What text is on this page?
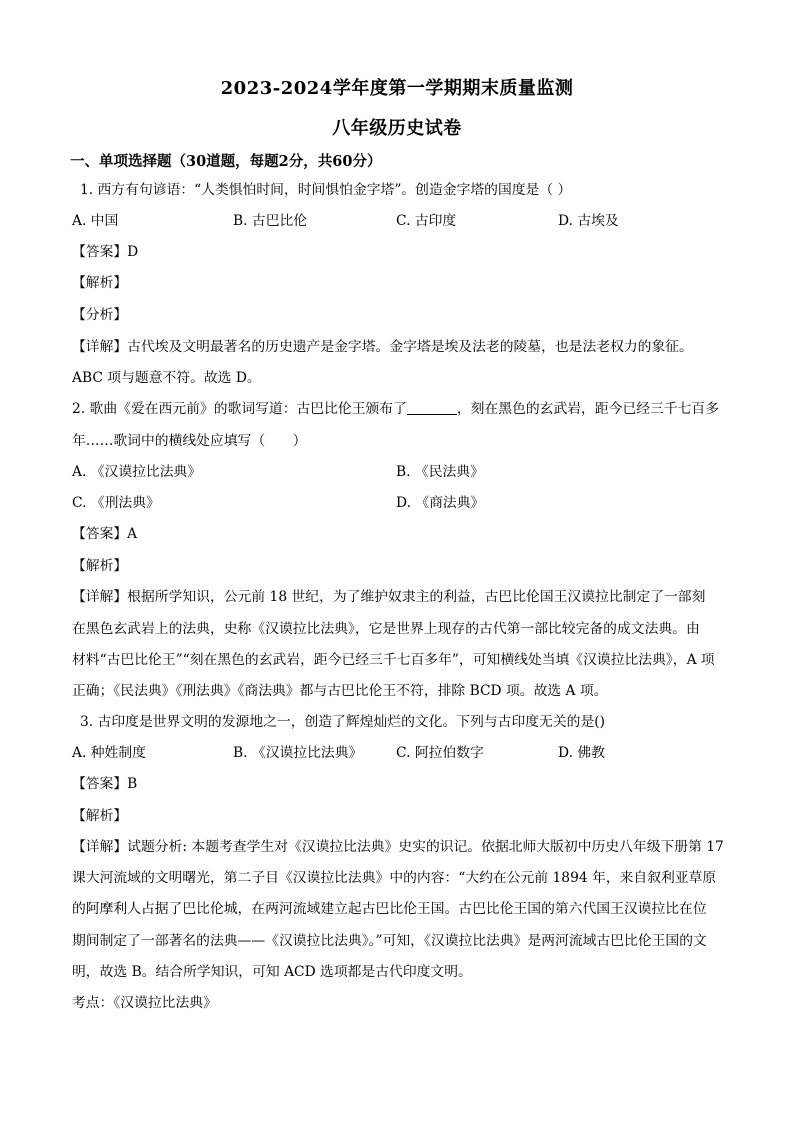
2023-2024学年度第一学期期末质量监测
八年级历史试卷
一、单项选择题（30道题，每题2分，共60分）
1. 西方有句谚语：“人类惧怕时间，时间惧怕金字塔”。创造金字塔的国度是（ ）
A. 中国	B. 古巴比伦	C. 古印度	D. 古埃及
【答案】D
【解析】
【分析】
【详解】古代埃及文明最著名的历史遗产是金字塔。金字塔是埃及法老的陵墓，也是法老权力的象征。
ABC 项与题意不符。故选 D。
2. 歌曲《爱在西元前》的歌词写道：古巴比伦王颁布了	，刻在黑色的玄武岩，距今已经三千七百多
年……歌词中的横线处应填写（　　）
A. 《汉谟拉比法典》	B. 《民法典》
C. 《刑法典》	D. 《商法典》
【答案】A
【解析】
【详解】根据所学知识，公元前 18 世纪，为了维护奴隶主的利益，古巴比伦国王汉谟拉比制定了一部刻
在黑色玄武岩上的法典，史称《汉谟拉比法典》，它是世界上现存的古代第一部比较完备的成文法典。由
材料“古巴比伦王”“刻在黑色的玄武岩，距今已经三千七百多年”，可知横线处当填《汉谟拉比法典》，A 项
正确；《民法典》《刑法典》《商法典》都与古巴比伦王不符，排除 BCD 项。故选 A 项。
3. 古印度是世界文明的发源地之一，创造了辉煌灿烂的文化。下列与古印度无关的是()
A. 种姓制度	B. 《汉谟拉比法典》 C. 阿拉伯数字	D. 佛教
【答案】B
【解析】
【详解】试题分析: 本题考查学生对《汉谟拉比法典》史实的识记。依据北师大版初中历史八年级下册第 17
课大河流域的文明曙光，第二子目《汉谟拉比法典》中的内容：“大约在公元前 1894 年，来自叙利亚草原
的阿摩利人占据了巴比伦城，在两河流域建立起古巴比伦王国。古巴比伦王国的第六代国王汉谟拉比在位
期间制定了一部著名的法典——《汉谟拉比法典》。”可知，《汉谟拉比法典》是两河流域古巴比伦王国的文
明，故选 B。结合所学知识，可知 ACD 选项都是古代印度文明。
考点：《汉谟拉比法典》
